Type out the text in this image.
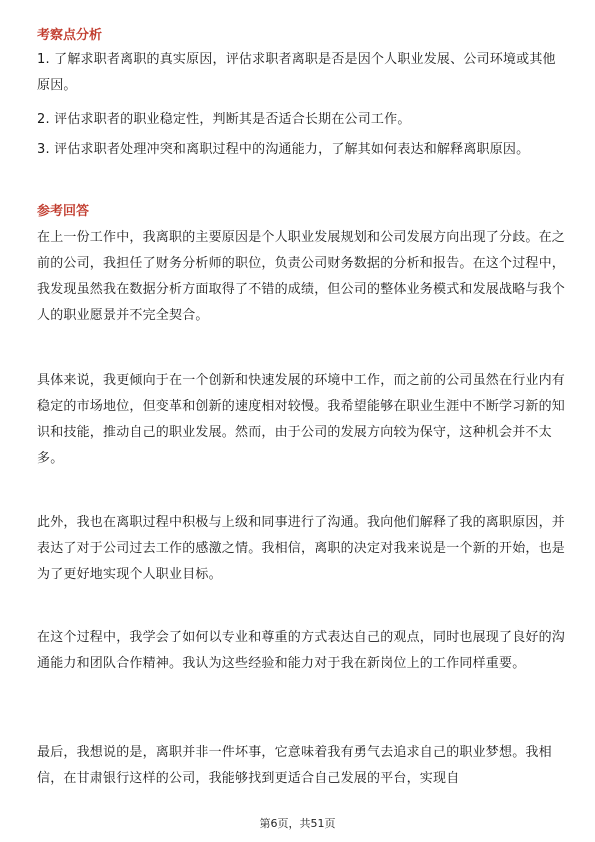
考察点分析

1. 了解求职者离职的真实原因，评估求职者离职是否是因个人职业发展、公司环境或其他原因。

2. 评估求职者的职业稳定性，判断其是否适合长期在公司工作。

3. 评估求职者处理冲突和离职过程中的沟通能力，了解其如何表达和解释离职原因。

参考回答

在上一份工作中，我离职的主要原因是个人职业发展规划和公司发展方向出现了分歧。在之前的公司，我担任了财务分析师的职位，负责公司财务数据的分析和报告。在这个过程中，我发现虽然我在数据分析方面取得了不错的成绩，但公司的整体业务模式和发展战略与我个人的职业愿景并不完全契合。

具体来说，我更倾向于在一个创新和快速发展的环境中工作，而之前的公司虽然在行业内有稳定的市场地位，但变革和创新的速度相对较慢。我希望能够在职业生涯中不断学习新的知识和技能，推动自己的职业发展。然而，由于公司的发展方向较为保守，这种机会并不太多。

此外，我也在离职过程中积极与上级和同事进行了沟通。我向他们解释了我的离职原因，并表达了对于公司过去工作的感激之情。我相信，离职的决定对我来说是一个新的开始，也是为了更好地实现个人职业目标。

在这个过程中，我学会了如何以专业和尊重的方式表达自己的观点，同时也展现了良好的沟通能力和团队合作精神。我认为这些经验和能力对于我在新岗位上的工作同样重要。

最后，我想说的是，离职并非一件坏事，它意味着我有勇气去追求自己的职业梦想。我相信，在甘肃银行这样的公司，我能够找到更适合自己发展的平台，实现自

第6页，共51页
